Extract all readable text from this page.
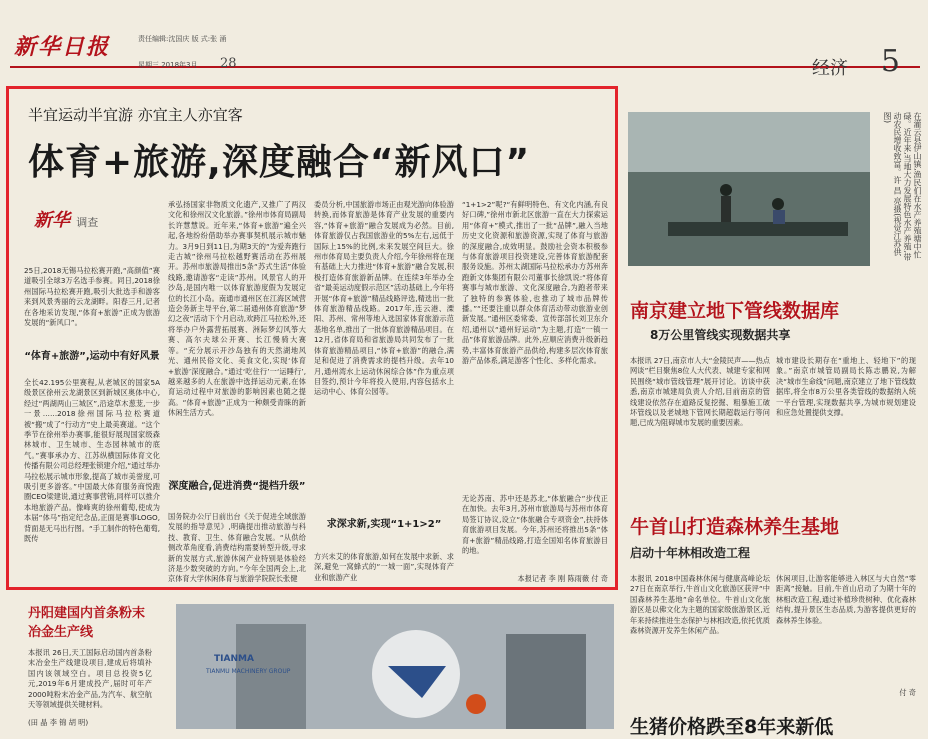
新华日报	责任编辑:沈国庆 版 式:张 涌
星期三 2018年3月 28	经济 5
半宜运动半宜游 亦宜主人亦宜客
体育+旅游,深度融合“新风口”
新华 调查
25日,2018无锡马拉松赛开跑,“高颜值”赛道吸引全球3万名选手参赛。同日,2018徐州国际马拉松赛开跑,吸引大批选手和游客来到风景秀丽的云龙湖畔。阳春三月,记者在各地采访发现,“体育+旅游”正成为旅游发展的“新风口”。
“体育+旅游”,运动中有好风景
全长42.195公里赛程,从老城区的国家5A级景区徐州云龙湖景区到新城区奥体中心,经过“两湖两山三城区”,沿途草木葱茏,一步一景……2018徐州国际马拉松赛道被“搬”成了“行动方”史上最美赛道。“这个季节在徐州举办赛事,能很好展现国家级森林城市、卫生城市、生态园林城市的底气。”赛事承办方、江苏纵横国际体育文化传播有限公司总经理张锁建介绍,“通过举办马拉松展示城市形象,提高了城市美誉度,可吸引更多游客。”中国最大体育服务商悦跑圈CEO梁建说,通过赛事营销,同样可以推介本地旅游产品。像峰爽的徐州葡萄,使成为本届“体马”指定纪念品,正面是赛事LOGO,背面是无马出行图。“手工制作的特色葡萄,既传
承弘扬国家非物质文化遗产,又推广了两汉文化和徐州汉文化旅游。”徐州市体育局副局长许慧慧说。近年来,“体育+旅游”遍全兴起,各地纷纷借助举办赛事契机展示城市魅力。3月9日到11日,为期3天的“为爱奔跑行走古城”徐州马拉松越野赛活动在苏州展开。苏州市旅游局推出5条“苏式生活”体验线路,邀请游客“走读”苏州。风景官人的开沙岛,是国内唯一以体育旅游度假为发展定位的长江小岛。南通市通州区在江海区域营造会务新主导平台,第二届通州体育旅游“梦幻之夜”活动下个月启动,欢跨江马拉松外,还将举办户外露营拓展赛、洲际梦幻风筝大赛、高尔夫球公开赛、长江慢骑大赛等。“充分展示开沙岛独有的天然湖地风光、通州民俗文化、美食文化,实现‘体育+旅游’深度融合。”通过‘吃住行’一‘运睡行’,越来越多的人在旅游中选择运动元素,在体育运动过程中对旅游的影响因素也随之提高。“体育+旅游”正成为一种颇受青睐的新休闲生活方式。
深度融合,促进消费“提档升级”
国务院办公厅日前出台《关于促进全域旅游发展的指导意见》,明确提出推动旅游与科技、教育、卫生、体育融合发展。“从供给侧改革角度看,消费结构需要转型升级,寻求新的发展方式,旅游休闲产业特别是体验经济是少数突破的方向。”今年全国两会上,北京体育大学休闲体育与旅游学院院长张健
委员分析,中国旅游市场正由观光游向体验游转换,而体育旅游是体育产业发展的重要内容,“体育+旅游”融合发展成为必然。目前,体育旅游仅占我国旅游业的5%左右,远低于国际上15%的比例,未来发展空间巨大。徐州市体育局主要负责人介绍,今年徐州将在现有基础上大力推进“体育+旅游”融合发展,积极打造体育旅游新品牌。在连续3年举办全省“最美运动度假示范区”活动基础上,今年将开展“体育+旅游”精品线路评选,精选出一批体育旅游精品线路。2017年,连云港、溧阳、苏州、常州等地入选国家体育旅游示范基地名单,推出了一批体育旅游精品项目。在12月,省体育局和省旅游局共同发布了一批体育旅游精品项目,“体育+旅游”的融合,满足和促进了消费需求的提档升级。去年10月,通州湾水上运动休闲综合体”作为重点项目签约,预计今年将投入使用,内容包括水上运动中心、体育公园等。
求深求新,实现“1+1>2”
方兴未艾的体育旅游,如何在发展中求新、求深,避免一窝蜂式的“一城一面”,实现体育产业和旅游产业
“1+1>2”呢?“有鲜明特色、有文化内涵,有良好口碑,”徐州市新北区旅游一直在大力探索运用“体育+”模式,推出了一批“品牌”,融入当地历史文化资源和旅游资源,实现了体育与旅游的深度融合,成效明显。鼓励社会资本积极参与体育旅游项目投资建设,完善体育旅游配套服务设施。苏州太湖国际马拉松承办方苏州奔跑新文体集团有限公司董事长徐凯说:“将体育赛事与城市旅游、文化深度融合,为跑者带来了独特的参赛体验,也推动了城市品牌传播。”“还要注重以群众体育活动带动旅游业创新发展。”通州区委常委、宣传部部长刘卫东介绍,通州以“通州好运动”为主题,打造“一镇一品”体育旅游品牌。此外,应顺应消费升级新趋势,丰富体育旅游产品供给,构建多层次体育旅游产品体系,满足游客个性化、多样化需求。
无论苏南、苏中还是苏北,“体旅融合”步伐正在加快。去年3月,苏州市旅游局与苏州市体育局签订协议,设立“体旅融合专项资金”,扶持体育旅游项目发展。今年,苏州还将推出5条“体育+旅游”精品线路,打造全国知名体育旅游目的地。
本报记者 李 刚 陈雨薇 付 奇
在灌云县伊山镇,渔民们在水产养殖塘中忙碌。近年来,当地大力发展特色水产养殖,带动农民增收致富。许 昌 亮摄(视觉江苏供图)
南京建立地下管线数据库
8万公里管线实现数据共享
本报讯 27日,南京市人大“金陵民声——热点网谈”栏目聚焦8位人大代表、城建专家和网民围绕“城市管线管理”展开讨论。访谈中获悉,南京市城建局负责人介绍,目前南京的管线建设依然存在道路反复挖掘、粗暴施工破坏管线以及老城地下管网长期超载运行等问题,已成为阻碍城市发展的重要因素。
城市建设长期存在“重地上、轻地下”的现象。”南京市城管局副局长陈志鹏说,为解决“城市生命线”问题,南京建立了地下管线数据库,将全市8万公里各类管线的数据纳入统一平台管理,实现数据共享,为城市规划建设和应急处置提供支撑。
牛首山打造森林养生基地
启动十年林相改造工程
本报讯 2018中国森林休闲与健康高峰论坛27日在南京举行,牛首山文化旅游区获评“中国森林养生基地”命名单位。牛首山文化旅游区是以佛文化为主题的国家级旅游景区,近年来持续推进生态保护与林相改造,依托优质森林资源开发养生休闲产品。
休闲项目,让游客能够进入林区与大自然“零距离”接触。目前,牛首山启动了为期十年的林相改造工程,通过补植珍贵树种、优化森林结构,提升景区生态品质,为游客提供更好的森林养生体验。
付 奇
生猪价格跌至8年来新低
丹阳建国内首条粉末冶金生产线
本报讯 26日,天工国际启动国内首条粉末冶金生产线建设项目,建成后将填补国内该领域空白。项目总投资5亿元,2019年6月建成投产,届时可年产2000吨粉末冶金产品,为汽车、航空航天等领域提供关键材料。
(田 晶 李 锦 胡 明)
TIANMA
TIANMU MACHINERY GROUP
